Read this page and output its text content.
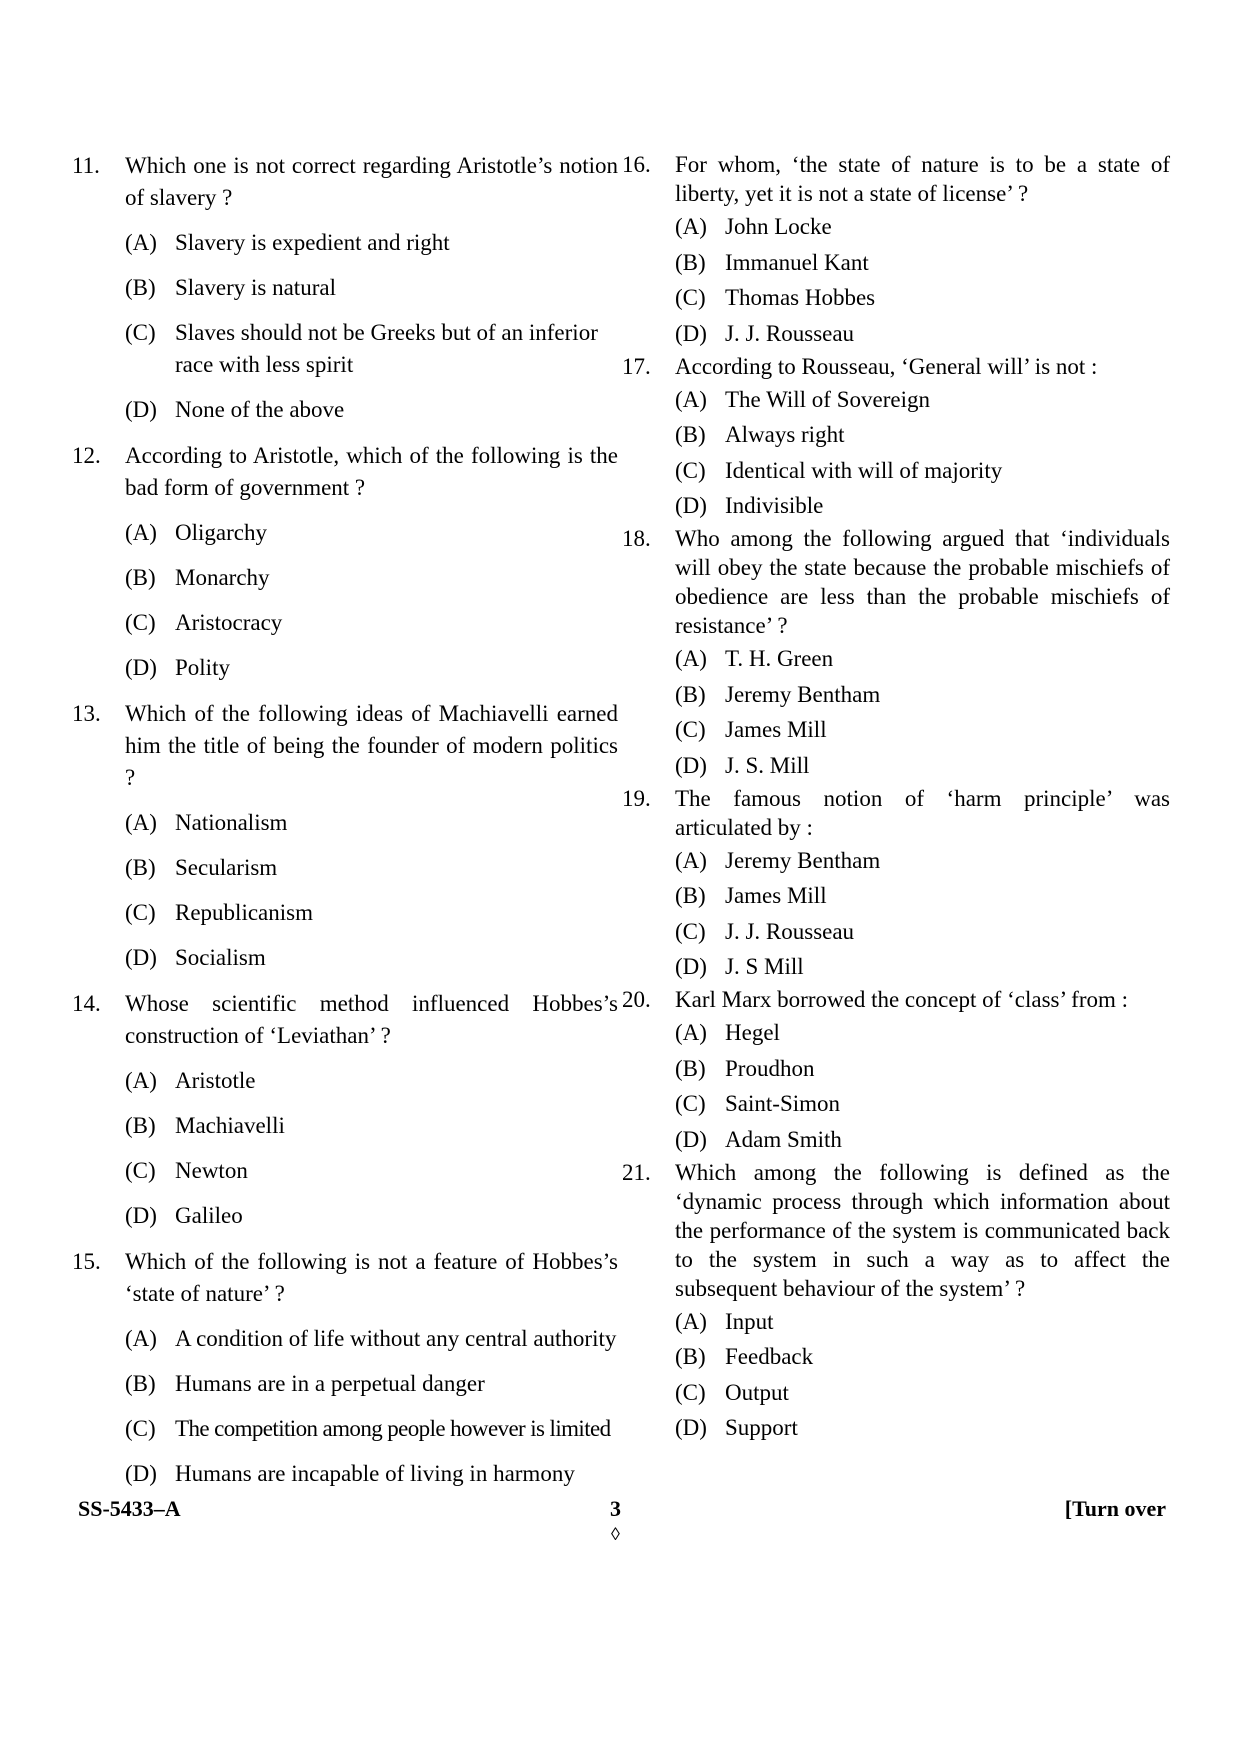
11. Which one is not correct regarding Aristotle’s notion of slavery ?
(A) Slavery is expedient and right
(B) Slavery is natural
(C) Slaves should not be Greeks but of an inferior race with less spirit
(D) None of the above
12. According to Aristotle, which of the following is the bad form of government ?
(A) Oligarchy
(B) Monarchy
(C) Aristocracy
(D) Polity
13. Which of the following ideas of Machiavelli earned him the title of being the founder of modern politics ?
(A) Nationalism
(B) Secularism
(C) Republicanism
(D) Socialism
14. Whose scientific method influenced Hobbes’s construction of ‘Leviathan’ ?
(A) Aristotle
(B) Machiavelli
(C) Newton
(D) Galileo
15. Which of the following is not a feature of Hobbes’s ‘state of nature’ ?
(A) A condition of life without any central authority
(B) Humans are in a perpetual danger
(C) The competition among people however is limited
(D) Humans are incapable of living in harmony
16. For whom, ‘the state of nature is to be a state of liberty, yet it is not a state of license’ ?
(A) John Locke
(B) Immanuel Kant
(C) Thomas Hobbes
(D) J. J. Rousseau
17. According to Rousseau, ‘General will’ is not :
(A) The Will of Sovereign
(B) Always right
(C) Identical with will of majority
(D) Indivisible
18. Who among the following argued that ‘individuals will obey the state because the probable mischiefs of obedience are less than the probable mischiefs of resistance’ ?
(A) T. H. Green
(B) Jeremy Bentham
(C) James Mill
(D) J. S. Mill
19. The famous notion of ‘harm principle’ was articulated by :
(A) Jeremy Bentham
(B) James Mill
(C) J. J. Rousseau
(D) J. S Mill
20. Karl Marx borrowed the concept of ‘class’ from :
(A) Hegel
(B) Proudhon
(C) Saint-Simon
(D) Adam Smith
21. Which among the following is defined as the ‘dynamic process through which information about the performance of the system is communicated back to the system in such a way as to affect the subsequent behaviour of the system’ ?
(A) Input
(B) Feedback
(C) Output
(D) Support
SS-5433–A	3
◊
[Turn over
